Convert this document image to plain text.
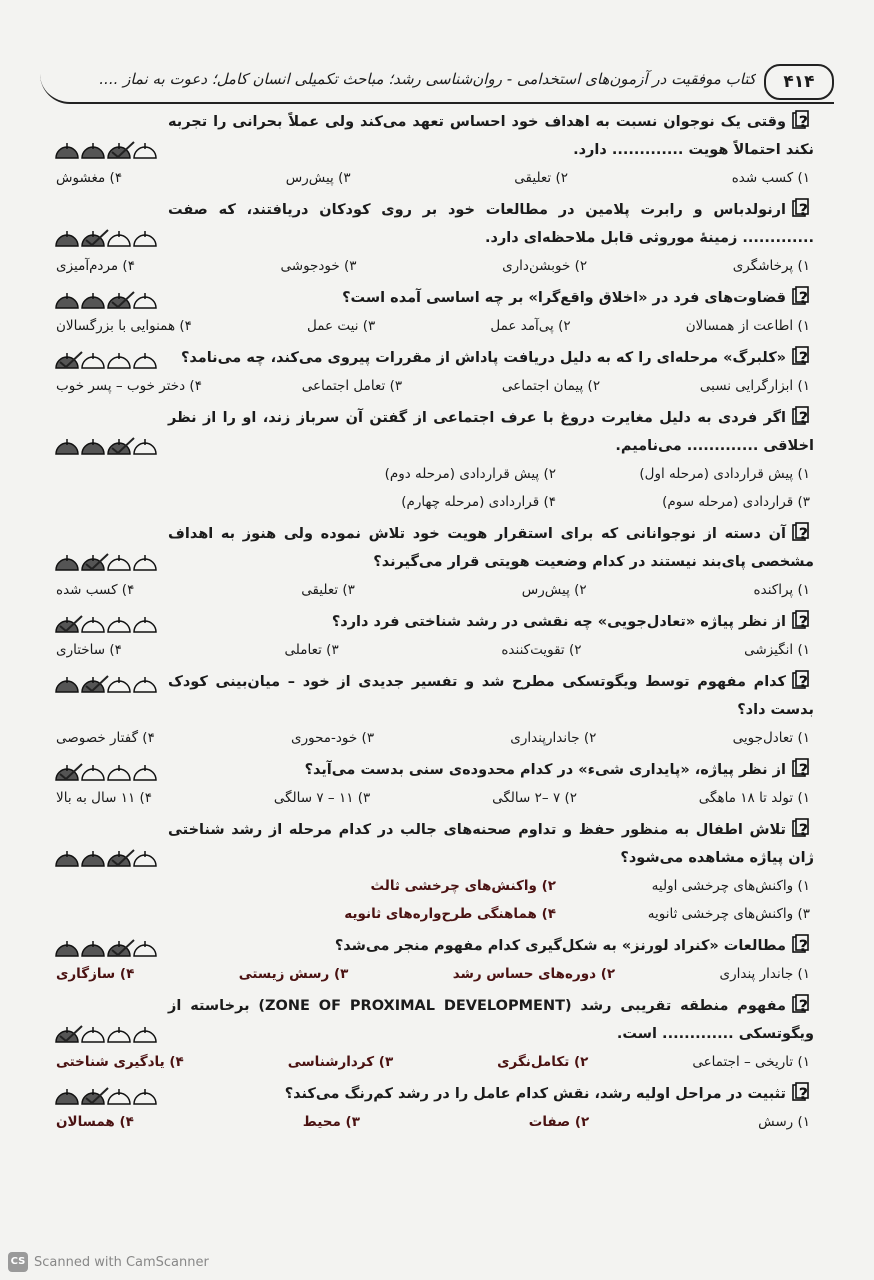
۴۱۴
کتاب موفقیت در آزمون‌های استخدامی - روان‌شناسی رشد؛ مباحث تکمیلی انسان کامل؛ دعوت به نماز ....
?
وقتی یک نوجوان نسبت به اهداف خود احساس تعهد می‌کند ولی عملاً بحرانی را تجربه نکند احتمالاً هویت ............. دارد.
۱) کسب شده
۲) تعلیقی
۳) پیش‌رس
۴) مغشوش
?
ارنولدباس و رابرت پلامین در مطالعات خود بر روی کودکان دریافتند، که صفت ............. زمینهٔ موروثی قابل ملاحظه‌ای دارد.
۱) پرخاشگری
۲) خوبشن‌داری
۳) خودجوشی
۴) مردم‌آمیزی
?
قضاوت‌های فرد در «اخلاق واقع‌گرا» بر چه اساسی آمده است؟
۱) اطاعت از همسالان
۲) پی‌آمد عمل
۳) نیت عمل
۴) همنوایی با بزرگسالان
?
«کلبرگ» مرحله‌ای را که به دلیل دریافت پاداش از مقررات پیروی می‌کند، چه می‌نامد؟
۱) ابزارگرایی نسبی
۲) پیمان اجتماعی
۳) تعامل اجتماعی
۴) دختر خوب – پسر خوب
?
اگر فردی به دلیل مغایرت دروغ با عرف اجتماعی از گفتن آن سرباز زند، او را از نظر اخلاقی ............. می‌نامیم.
۱) پیش قراردادی (مرحله اول)
۲) پیش قراردادی (مرحله دوم)
۳) قراردادی (مرحله سوم)
۴) قراردادی (مرحله چهارم)
?
آن دسته از نوجوانانی که برای استقرار هویت خود تلاش نموده ولی هنوز به اهداف مشخصی پای‌بند نیستند در کدام وضعیت هویتی قرار می‌گیرند؟
۱) پراکنده
۲) پیش‌رس
۳) تعلیقی
۴) کسب شده
?
از نظر پیاژه «تعادل‌جویی» چه نقشی در رشد شناختی فرد دارد؟
۱) انگیزشی
۲) تقویت‌کننده
۳) تعاملی
۴) ساختاری
?
کدام مفهوم توسط ویگوتسکی مطرح شد و تفسیر جدیدی از خود – میان‌بینی کودک بدست داد؟
۱) تعادل‌جویی
۲) جاندارپنداری
۳) خود-محوری
۴) گفتار خصوصی
?
از نظر پیاژه، «پایداری شیء» در کدام محدوده‌ی سنی بدست می‌آید؟
۱) تولد تا ۱۸ ماهگی
۲) ۷ –۲ سالگی
۳) ۱۱ – ۷ سالگی
۴) ۱۱ سال به بالا
?
تلاش اطفال به منظور حفظ و تداوم صحنه‌های جالب در کدام مرحله از رشد شناختی ژان پیاژه مشاهده می‌شود؟
۱) واکنش‌های چرخشی اولیه
۲) واکنش‌های چرخشی ثالث
۳) واکنش‌های چرخشی ثانویه
۴) هماهنگی طرح‌واره‌های ثانویه
?
مطالعات «کنراد لورنز» به شکل‌گیری کدام مفهوم منجر می‌شد؟
۱) جاندار پنداری
۲) دوره‌های حساس رشد
۳) رسش زیستی
۴) سازگاری
?
مفهوم منطقه تقریبی رشد (ZONE OF PROXIMAL DEVELOPMENT) برخاسته از ویگوتسکی ............. است.
۱) تاریخی – اجتماعی
۲) تکامل‌نگری
۳) کردارشناسی
۴) یادگیری شناختی
?
تثبیت در مراحل اولیه رشد، نقش کدام عامل را در رشد کم‌رنگ می‌کند؟
۱) رسش
۲) صفات
۳) محیط
۴) همسالان
CS Scanned with CamScanner
